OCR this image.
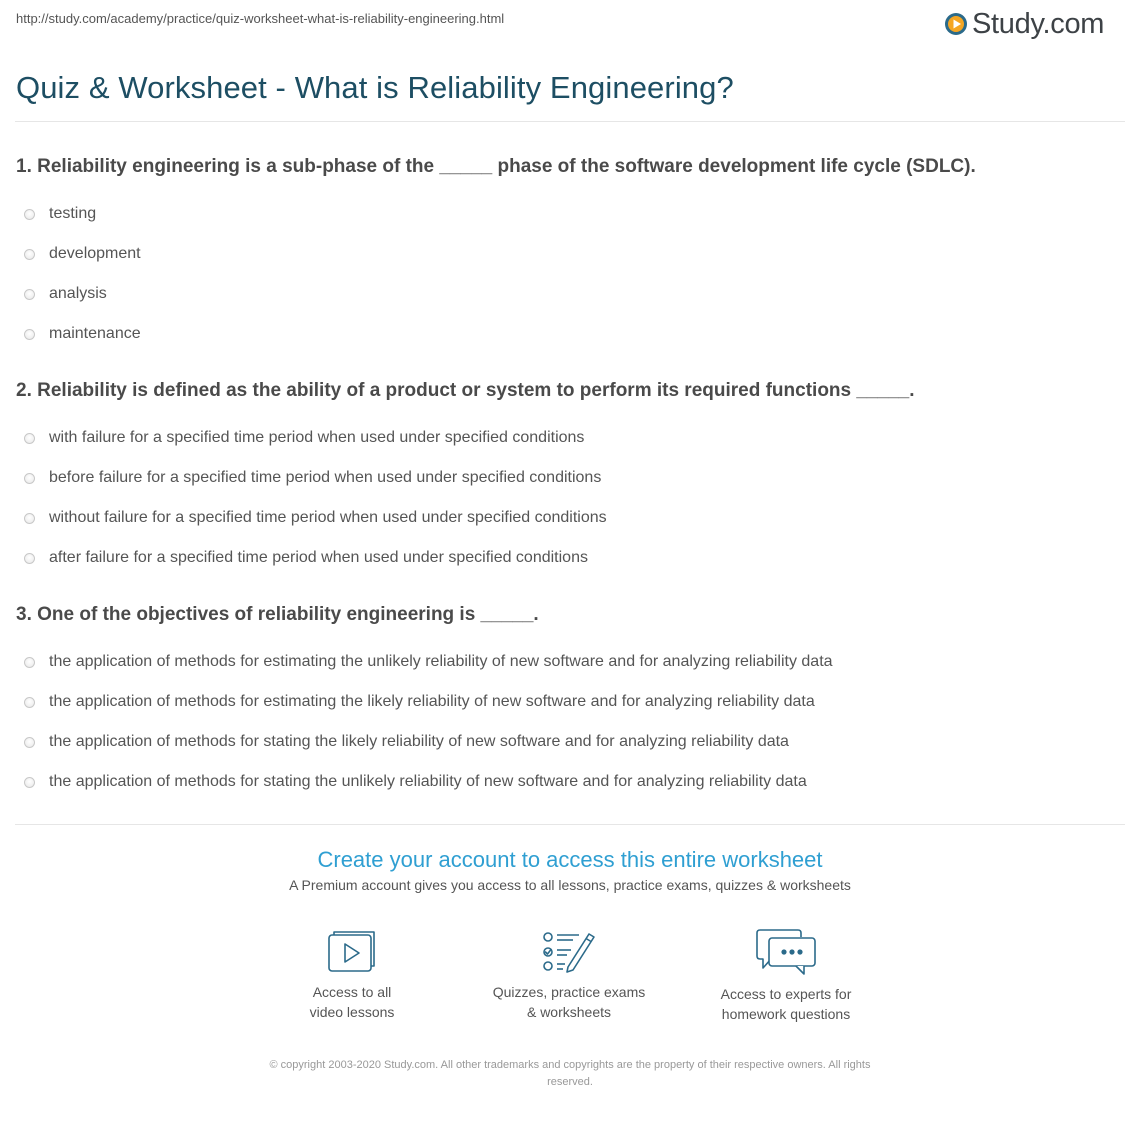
http://study.com/academy/practice/quiz-worksheet-what-is-reliability-engineering.html	Study.com
Quiz & Worksheet - What is Reliability Engineering?

1. Reliability engineering is a sub-phase of the _____ phase of the software development life cycle (SDLC).

testing
development
analysis
maintenance

2. Reliability is defined as the ability of a product or system to perform its required functions _____.

with failure for a specified time period when used under specified conditions
before failure for a specified time period when used under specified conditions
without failure for a specified time period when used under specified conditions
after failure for a specified time period when used under specified conditions

3. One of the objectives of reliability engineering is _____.

the application of methods for estimating the unlikely reliability of new software and for analyzing reliability data
the application of methods for estimating the likely reliability of new software and for analyzing reliability data
the application of methods for stating the likely reliability of new software and for analyzing reliability data
the application of methods for stating the unlikely reliability of new software and for analyzing reliability data
Create your account to access this entire worksheet
A Premium account gives you access to all lessons, practice exams, quizzes & worksheets
Access to all
video lessons
Quizzes, practice exams
& worksheets
Access to experts for
homework questions
© copyright 2003-2020 Study.com. All other trademarks and copyrights are the property of their respective owners. All rights
reserved.
